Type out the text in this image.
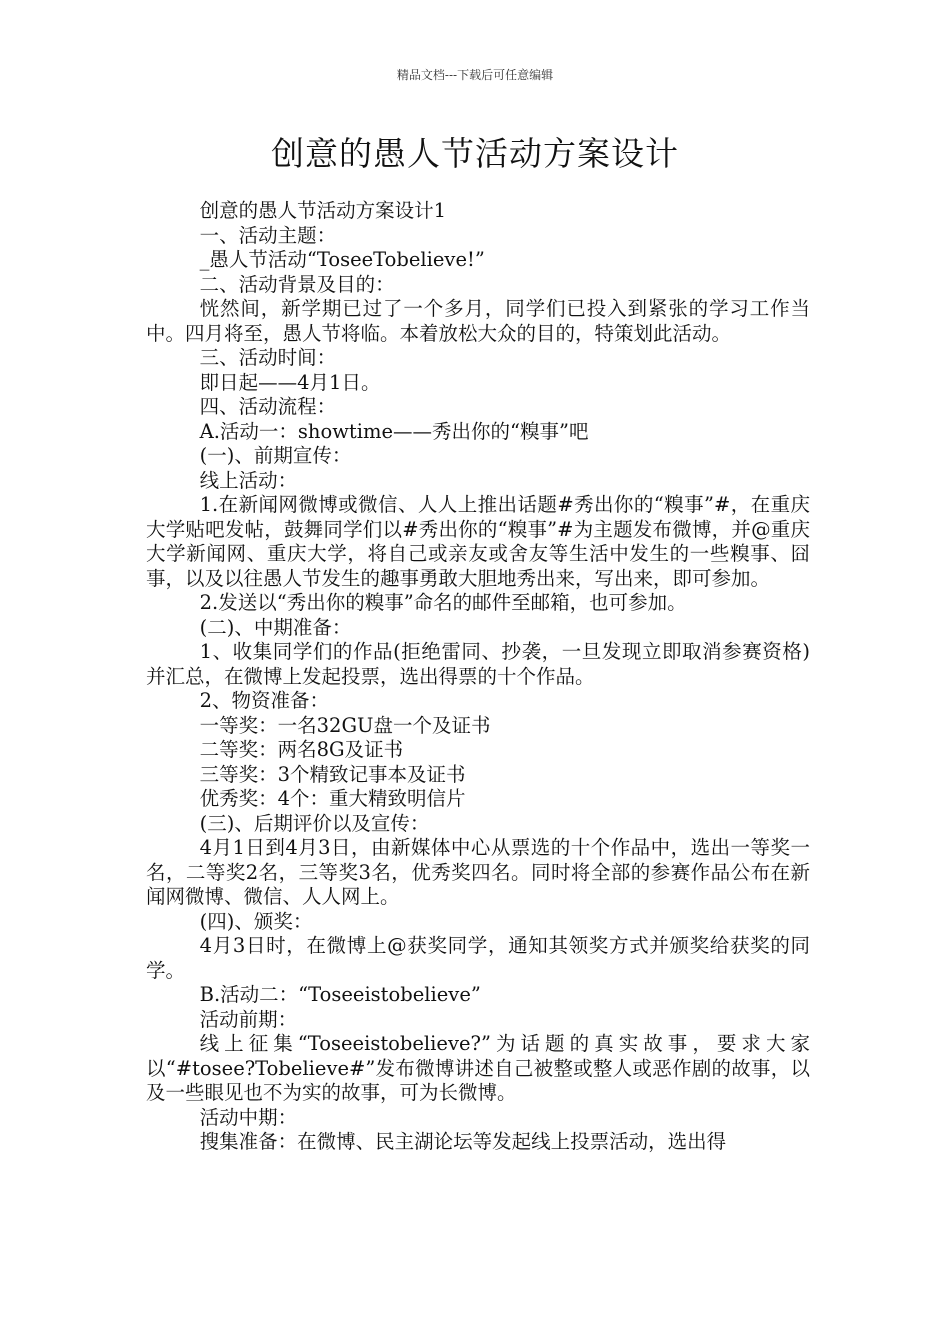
精品文档---下载后可任意编辑
创意的愚人节活动方案设计

创意的愚人节活动方案设计1

一、活动主题：

_愚人节活动“ToseeTobelieve!”

二、活动背景及目的：

恍然间，新学期已过了一个多月，同学们已投入到紧张的学习工作当中。四月将至，愚人节将临。本着放松大众的目的，特策划此活动。

三、活动时间：

即日起——4月1日。

四、活动流程：

A.活动一：showtime——秀出你的“糗事”吧

(一)、前期宣传：

线上活动：

1.在新闻网微博或微信、人人上推出话题#秀出你的“糗事”#，在重庆大学贴吧发帖，鼓舞同学们以#秀出你的“糗事”#为主题发布微博，并@重庆大学新闻网、重庆大学，将自己或亲友或舍友等生活中发生的一些糗事、囧事，以及以往愚人节发生的趣事勇敢大胆地秀出来，写出来，即可参加。

2.发送以“秀出你的糗事”命名的邮件至邮箱，也可参加。

(二)、中期准备：

1、收集同学们的作品(拒绝雷同、抄袭，一旦发现立即取消参赛资格)并汇总，在微博上发起投票，选出得票的十个作品。

2、物资准备：

一等奖：一名32GU盘一个及证书

二等奖：两名8G及证书

三等奖：3个精致记事本及证书

优秀奖：4个：重大精致明信片

(三)、后期评价以及宣传：

4月1日到4月3日，由新媒体中心从票选的十个作品中，选出一等奖一名，二等奖2名，三等奖3名，优秀奖四名。同时将全部的参赛作品公布在新闻网微博、微信、人人网上。

(四)、颁奖：

4月3日时，在微博上@获奖同学，通知其领奖方式并颁奖给获奖的同学。

B.活动二：“Toseeistobelieve”

活动前期：

线上征集“Toseeistobelieve?”为话题的真实故事，要求大家以“#tosee?Tobelieve#”发布微博讲述自己被整或整人或恶作剧的故事，以及一些眼见也不为实的故事，可为长微博。

活动中期：

搜集准备：在微博、民主湖论坛等发起线上投票活动，选出得
